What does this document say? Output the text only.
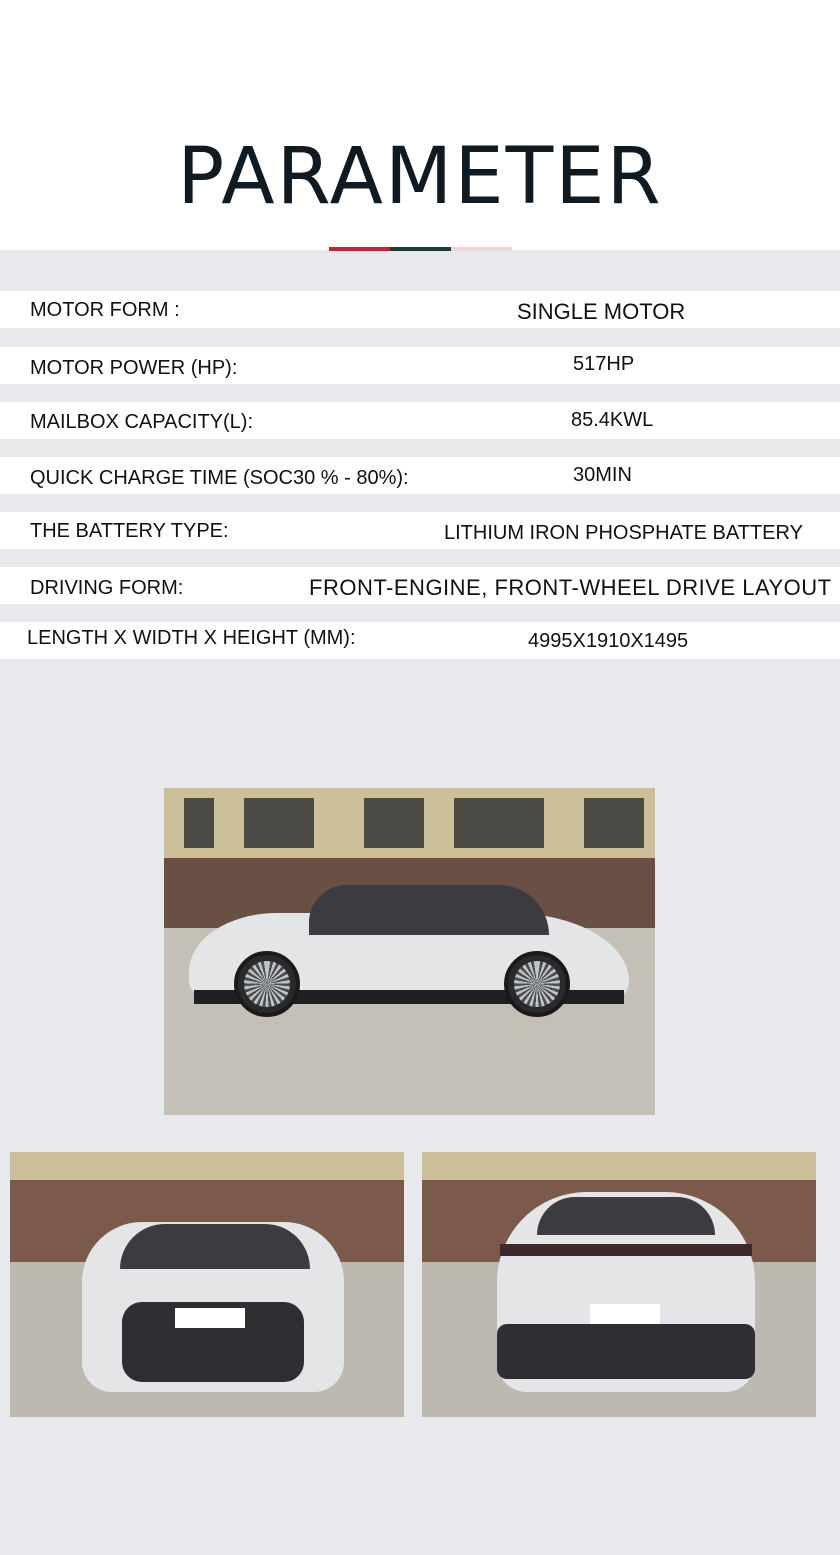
PARAMETER
MOTOR FORM :	SINGLE MOTOR
MOTOR POWER (HP):	517HP
MAILBOX CAPACITY(L):	85.4KWL
QUICK CHARGE TIME (SOC30 % - 80%):	30MIN
THE BATTERY TYPE:	LITHIUM IRON PHOSPHATE BATTERY
DRIVING FORM:	FRONT-ENGINE, FRONT-WHEEL DRIVE LAYOUT
LENGTH X WIDTH X HEIGHT (MM):	4995X1910X1495
